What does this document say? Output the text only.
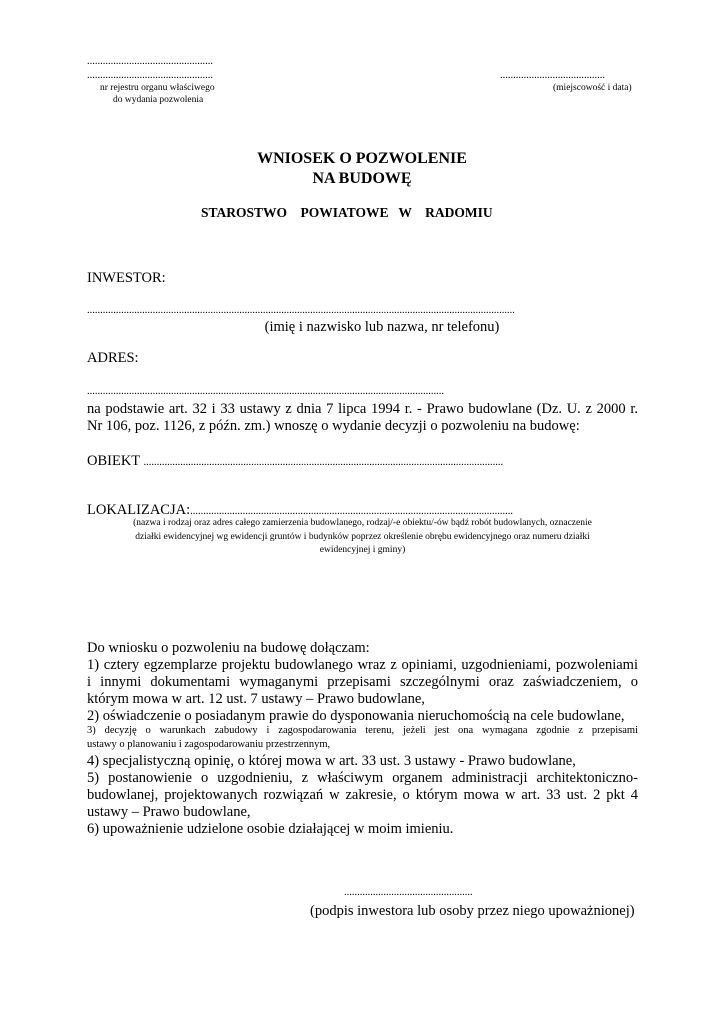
................................................
................................................
nr rejestru organu właściwego
do wydania pozwolenia
........................................
(miejscowość i data)
WNIOSEK O POZWOLENIE
NA BUDOWĘ
STAROSTWO    POWIATOWE   W    RADOMIU
INWESTOR:
...................................................................................................................................................................
(imię i nazwisko lub nazwa, nr telefonu)
ADRES:
........................................................................................................................................
na podstawie art. 32 i 33 ustawy z dnia 7 lipca 1994 r. - Prawo budowlane (Dz. U. z 2000 r.
Nr 106, poz. 1126, z późn. zm.) wnoszę o wydanie decyzji o pozwoleniu na budowę:
OBIEKT .........................................................................................................................................
LOKALIZACJA:...........................................................................................................................
(nazwa i rodzaj oraz adres całego zamierzenia budowlanego, rodzaj/-e obiektu/-ów bądź robót budowlanych, oznaczenie
działki ewidencyjnej wg ewidencji gruntów i budynków poprzez określenie obrębu ewidencyjnego oraz numeru działki
ewidencyjnej i gminy)
Do wniosku o pozwoleniu na budowę dołączam:
1) cztery egzemplarze projektu budowlanego wraz z opiniami, uzgodnieniami, pozwoleniami
i innymi dokumentami wymaganymi przepisami szczególnymi oraz zaświadczeniem, o
którym mowa w art. 12 ust. 7 ustawy – Prawo budowlane,
2) oświadczenie o posiadanym prawie do dysponowania nieruchomością na cele budowlane,
3) decyzję o warunkach zabudowy i zagospodarowania terenu, jeżeli jest ona wymagana zgodnie z przepisami
ustawy o planowaniu i zagospodarowaniu przestrzennym,
4) specjalistyczną opinię, o której mowa w art. 33 ust. 3 ustawy - Prawo budowlane,
5) postanowienie o uzgodnieniu, z właściwym organem administracji architektoniczno-
budowlanej, projektowanych rozwiązań w zakresie, o którym mowa w art. 33 ust. 2 pkt 4
ustawy – Prawo budowlane,
6) upoważnienie udzielone osobie działającej w moim imieniu.
.................................................
(podpis inwestora lub osoby przez niego upoważnionej)
